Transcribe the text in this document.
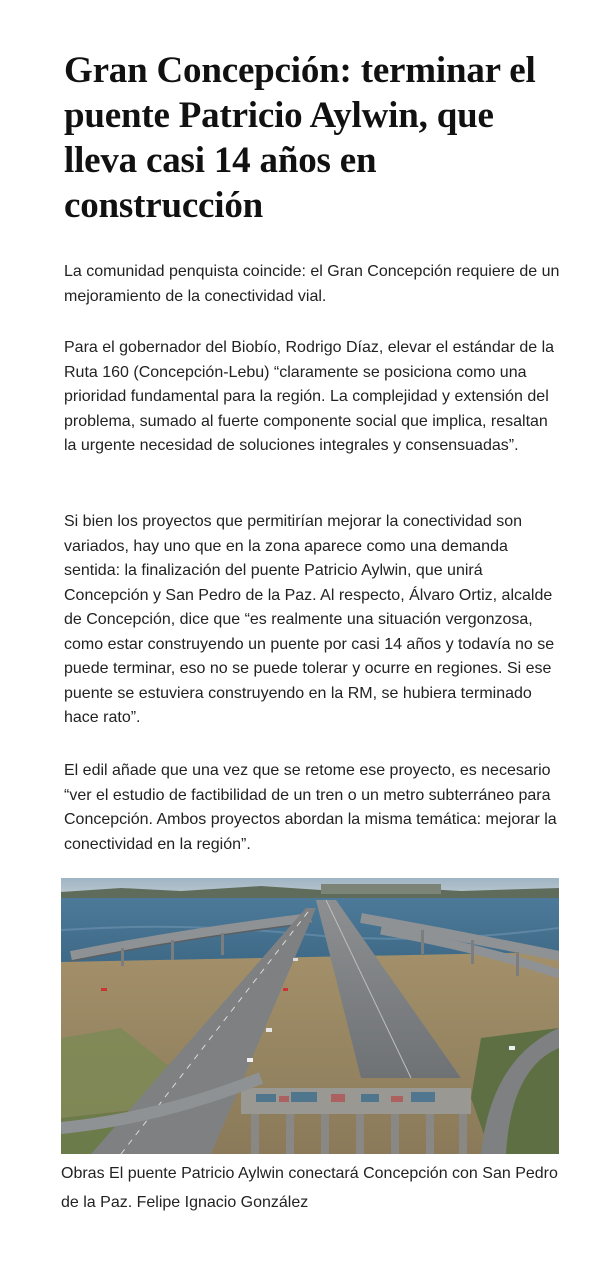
Gran Concepción: terminar el puente Patricio Aylwin, que lleva casi 14 años en construcción

La comunidad penquista coincide: el Gran Concepción requiere de un mejoramiento de la conectividad vial.

Para el gobernador del Biobío, Rodrigo Díaz, elevar el estándar de la Ruta 160 (Concepción-Lebu) “claramente se posiciona como una prioridad fundamental para la región. La complejidad y extensión del problema, sumado al fuerte componente social que implica, resaltan la urgente necesidad de soluciones integrales y consensuadas”.

Si bien los proyectos que permitirían mejorar la conectividad son variados, hay uno que en la zona aparece como una demanda sentida: la finalización del puente Patricio Aylwin, que unirá Concepción y San Pedro de la Paz. Al respecto, Álvaro Ortiz, alcalde de Concepción, dice que “es realmente una situación vergonzosa, como estar construyendo un puente por casi 14 años y todavía no se puede terminar, eso no se puede tolerar y ocurre en regiones. Si ese puente se estuviera construyendo en la RM, se hubiera terminado hace rato”.

El edil añade que una vez que se retome ese proyecto, es necesario “ver el estudio de factibilidad de un tren o un metro subterráneo para Concepción. Ambos proyectos abordan la misma temática: mejorar la conectividad en la región”.

Obras El puente Patricio Aylwin conectará Concepción con San Pedro de la Paz. Felipe Ignacio González
